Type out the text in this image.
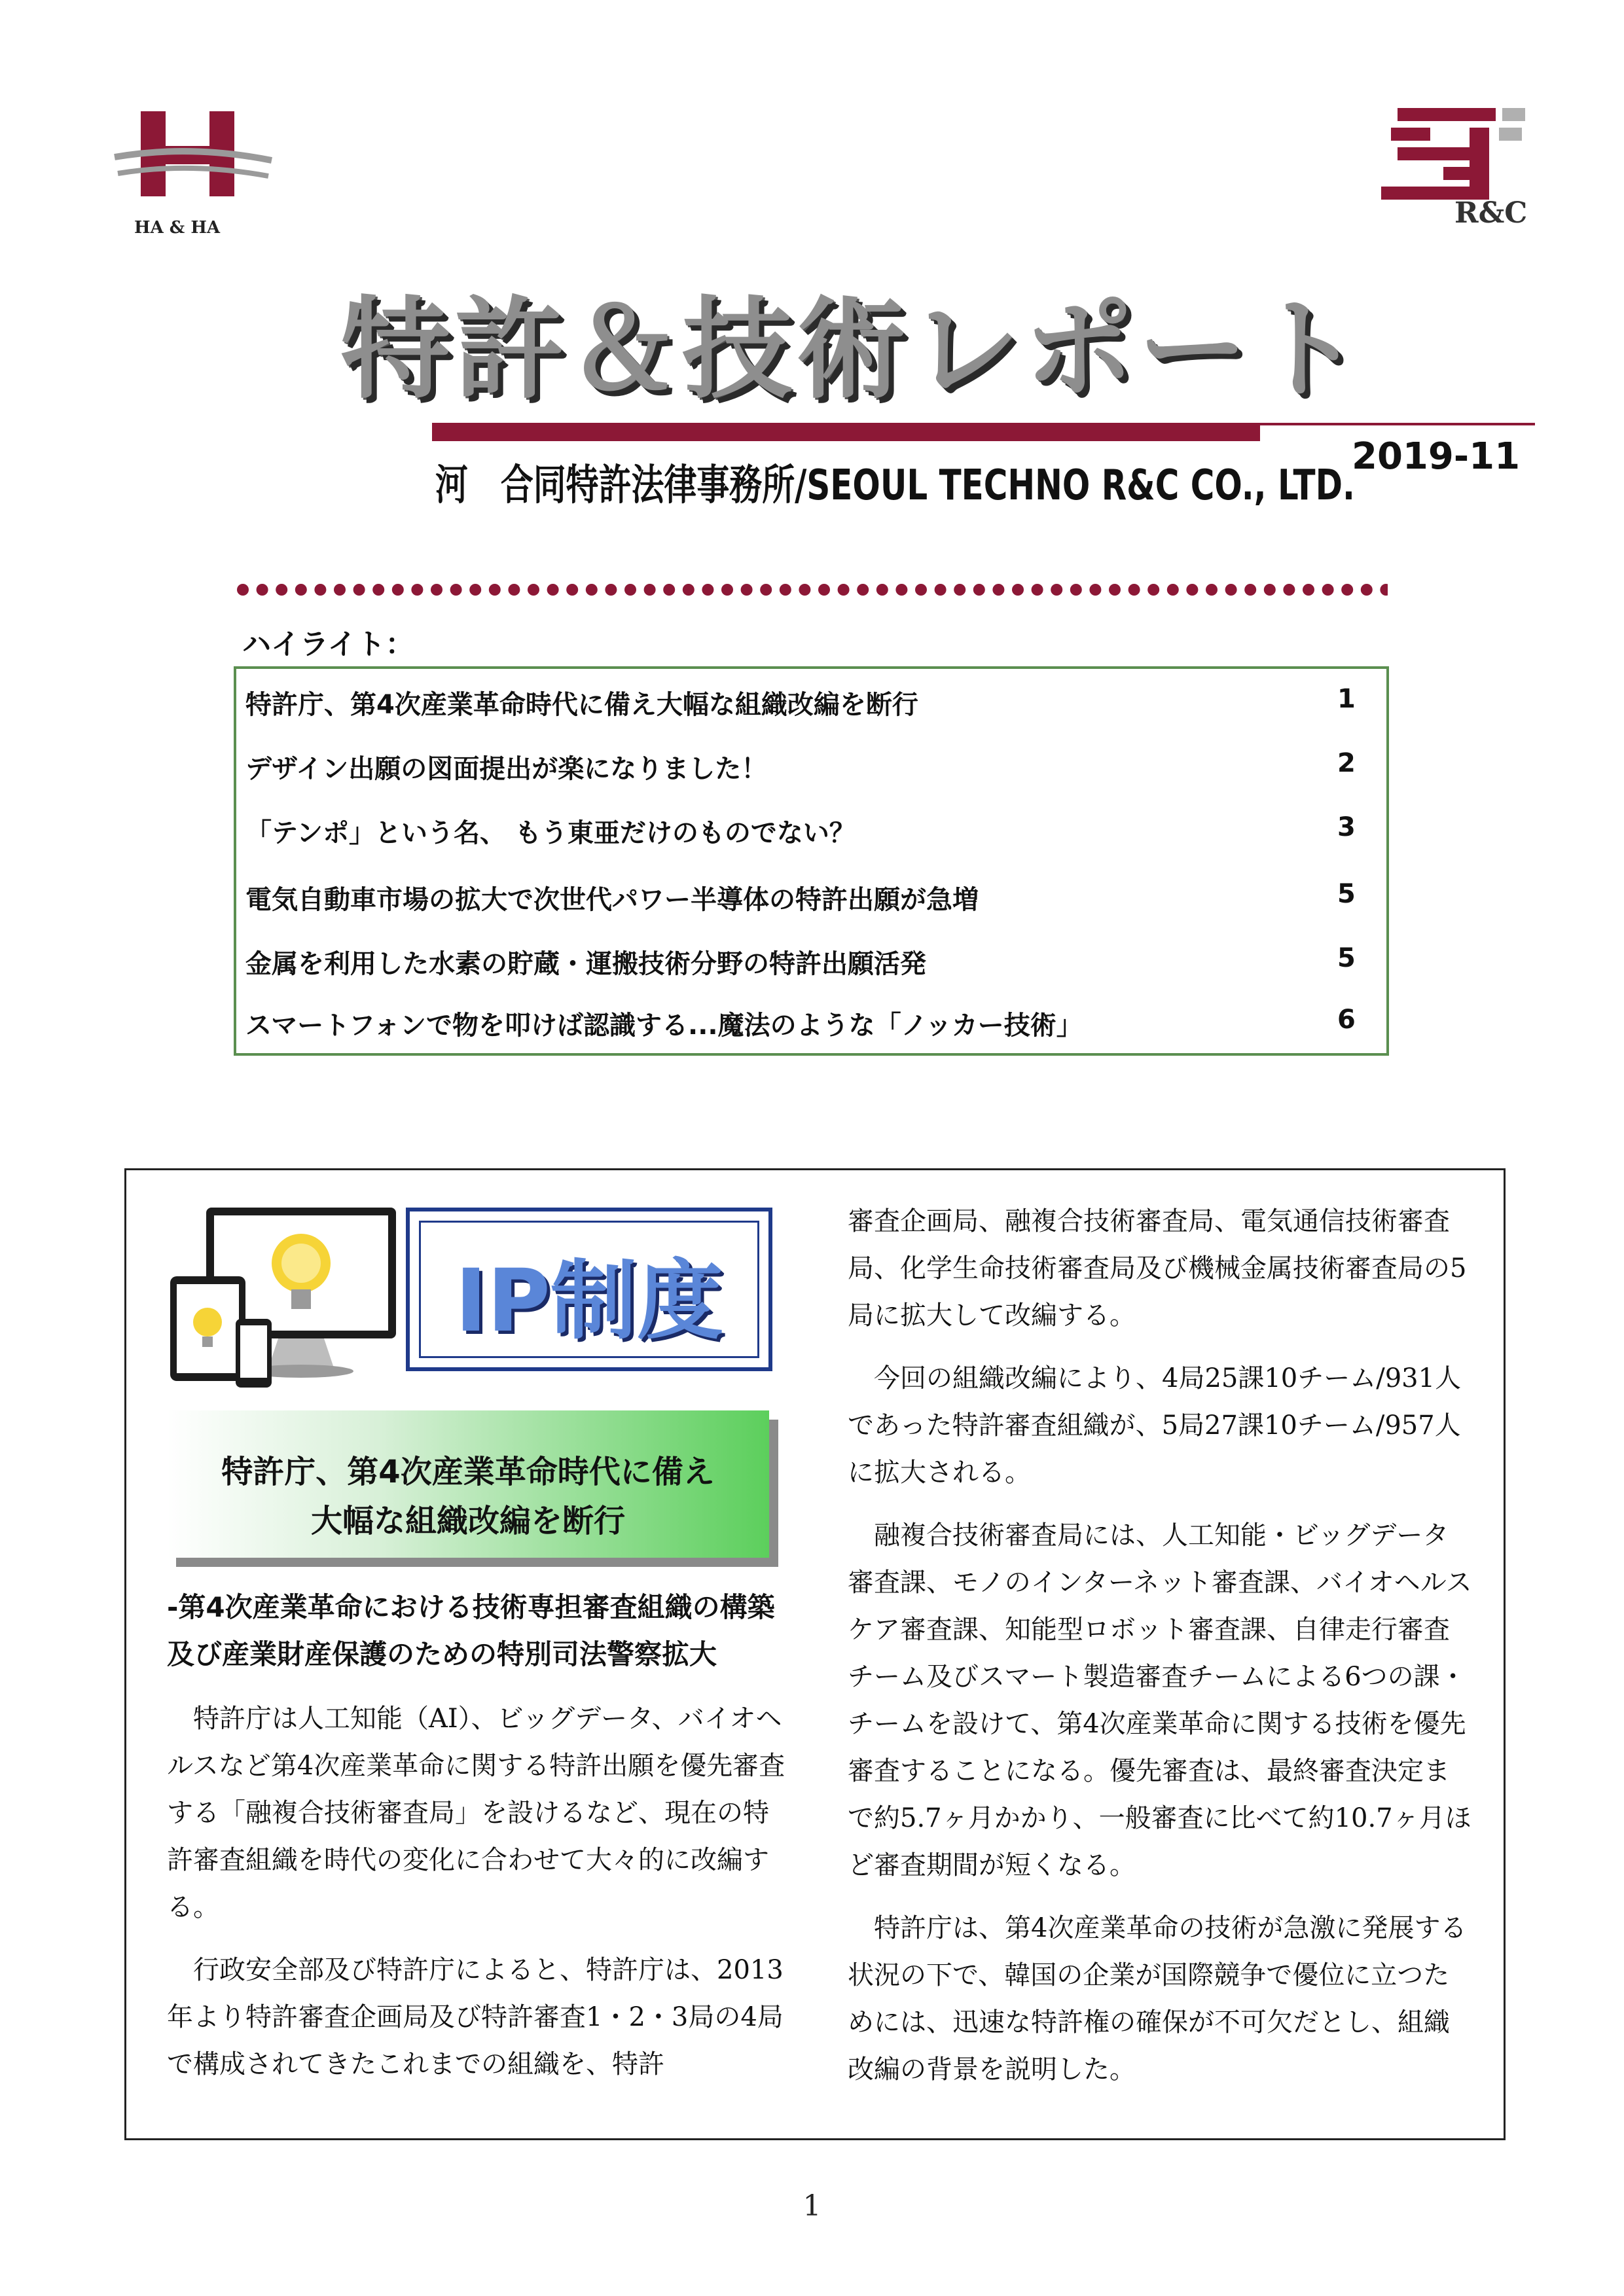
HA & HA	R&C
特許＆技術レポート
河　合同特許法律事務所/SEOUL TECHNO R&C CO., LTD.
2019-11
ハイライト：
特許庁、第4次産業革命時代に備え大幅な組織改編を断行	1
デザイン出願の図面提出が楽になりました！	2
「テンポ」という名、 もう東亜だけのものでない？	3
電気自動車市場の拡大で次世代パワー半導体の特許出願が急増	5
金属を利用した水素の貯蔵・運搬技術分野の特許出願活発	5
スマートフォンで物を叩けば認識する...魔法のような「ノッカー技術」	6
IP制度
特許庁、第4次産業革命時代に備え
大幅な組織改編を断行
-第4次産業革命における技術専担審査組織の構築及び産業財産保護のための特別司法警察拡大

特許庁は人工知能（AI）、ビッグデータ、バイオヘルスなど第4次産業革命に関する特許出願を優先審査する「融複合技術審査局」を設けるなど、現在の特許審査組織を時代の変化に合わせて大々的に改編する。

行政安全部及び特許庁によると、特許庁は、2013年より特許審査企画局及び特許審査1・2・3局の4局で構成されてきたこれまでの組織を、特許

審査企画局、融複合技術審査局、電気通信技術審査局、化学生命技術審査局及び機械金属技術審査局の5局に拡大して改編する。

今回の組織改編により、4局25課10チーム/931人であった特許審査組織が、5局27課10チーム/957人に拡大される。

融複合技術審査局には、人工知能・ビッグデータ審査課、モノのインターネット審査課、バイオヘルスケア審査課、知能型ロボット審査課、自律走行審査チーム及びスマート製造審査チームによる6つの課・チームを設けて、第4次産業革命に関する技術を優先審査することになる。優先審査は、最終審査決定まで約5.7ヶ月かかり、一般審査に比べて約10.7ヶ月ほど審査期間が短くなる。

特許庁は、第4次産業革命の技術が急激に発展する状況の下で、韓国の企業が国際競争で優位に立つためには、迅速な特許権の確保が不可欠だとし、組織改編の背景を説明した。

1
